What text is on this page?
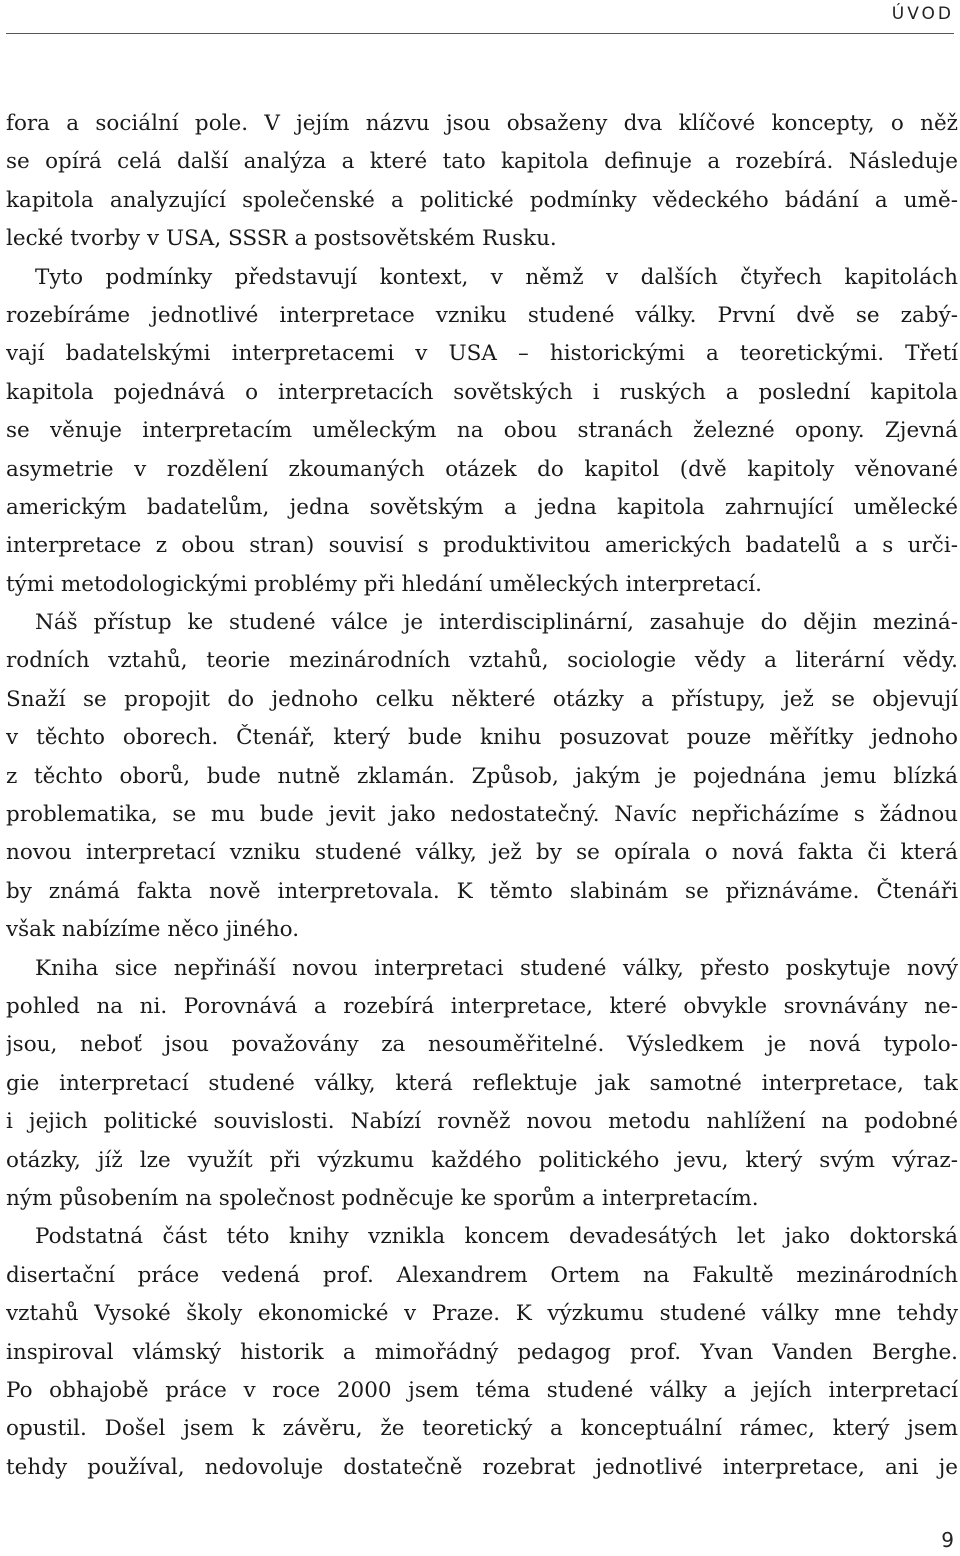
ÚVOD
fora a sociální pole. V jejím názvu jsou obsaženy dva klíčové koncepty, o něž
se opírá celá další analýza a které tato kapitola definuje a rozebírá. Následuje
kapitola analyzující společenské a politické podmínky vědeckého bádání a umě-
lecké tvorby v USA, SSSR a postsovětském Rusku.
Tyto podmínky představují kontext, v němž v dalších čtyřech kapitolách
rozebíráme jednotlivé interpretace vzniku studené války. První dvě se zabý-
vají badatelskými interpretacemi v USA – historickými a teoretickými. Třetí
kapitola pojednává o interpretacích sovětských i ruských a poslední kapitola
se věnuje interpretacím uměleckým na obou stranách železné opony. Zjevná
asymetrie v rozdělení zkoumaných otázek do kapitol (dvě kapitoly věnované
americkým badatelům, jedna sovětským a jedna kapitola zahrnující umělecké
interpretace z obou stran) souvisí s produktivitou amerických badatelů a s urči-
tými metodologickými problémy při hledání uměleckých interpretací.
Náš přístup ke studené válce je interdisciplinární, zasahuje do dějin meziná-
rodních vztahů, teorie mezinárodních vztahů, sociologie vědy a literární vědy.
Snaží se propojit do jednoho celku některé otázky a přístupy, jež se objevují
v těchto oborech. Čtenář, který bude knihu posuzovat pouze měřítky jednoho
z těchto oborů, bude nutně zklamán. Způsob, jakým je pojednána jemu blízká
problematika, se mu bude jevit jako nedostatečný. Navíc nepřicházíme s žádnou
novou interpretací vzniku studené války, jež by se opírala o nová fakta či která
by známá fakta nově interpretovala. K těmto slabinám se přiznáváme. Čtenáři
však nabízíme něco jiného.
Kniha sice nepřináší novou interpretaci studené války, přesto poskytuje nový
pohled na ni. Porovnává a rozebírá interpretace, které obvykle srovnávány ne-
jsou, neboť jsou považovány za nesouměřitelné. Výsledkem je nová typolo-
gie interpretací studené války, která reflektuje jak samotné interpretace, tak
i jejich politické souvislosti. Nabízí rovněž novou metodu nahlížení na podobné
otázky, jíž lze využít při výzkumu každého politického jevu, který svým výraz-
ným působením na společnost podněcuje ke sporům a interpretacím.
Podstatná část této knihy vznikla koncem devadesátých let jako doktorská
disertační práce vedená prof. Alexandrem Ortem na Fakultě mezinárodních
vztahů Vysoké školy ekonomické v Praze. K výzkumu studené války mne tehdy
inspiroval vlámský historik a mimořádný pedagog prof. Yvan Vanden Berghe.
Po obhajobě práce v roce 2000 jsem téma studené války a jejích interpretací
opustil. Došel jsem k závěru, že teoretický a konceptuální rámec, který jsem
tehdy používal, nedovoluje dostatečně rozebrat jednotlivé interpretace, ani je
9
